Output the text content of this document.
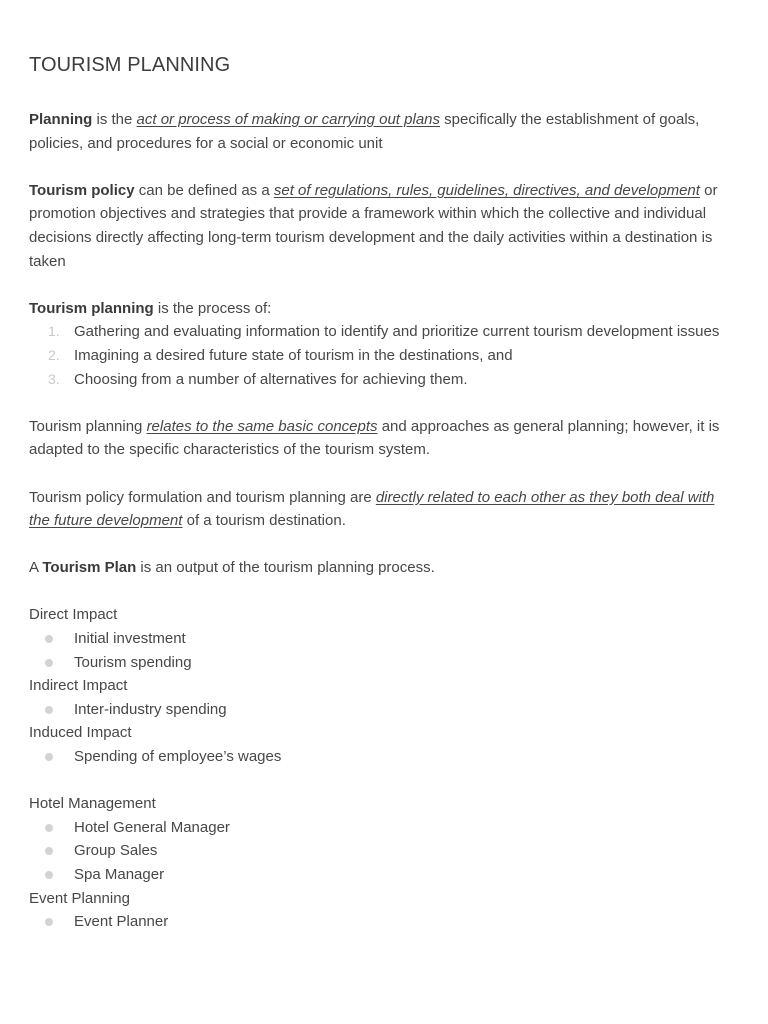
TOURISM PLANNING

Planning is the act or process of making or carrying out plans specifically the establishment of goals, policies, and procedures for a social or economic unit

Tourism policy can be defined as a set of regulations, rules, guidelines, directives, and development or promotion objectives and strategies that provide a framework within which the collective and individual decisions directly affecting long-term tourism development and the daily activities within a destination is taken

Tourism planning is the process of:
1. Gathering and evaluating information to identify and prioritize current tourism development issues
2. Imagining a desired future state of tourism in the destinations, and
3. Choosing from a number of alternatives for achieving them.

Tourism planning relates to the same basic concepts and approaches as general planning; however, it is adapted to the specific characteristics of the tourism system.

Tourism policy formulation and tourism planning are directly related to each other as they both deal with the future development of a tourism destination.

A Tourism Plan is an output of the tourism planning process.

Direct Impact
Initial investment
Tourism spending
Indirect Impact
Inter-industry spending
Induced Impact
Spending of employee’s wages
Hotel Management
Hotel General Manager
Group Sales
Spa Manager
Event Planning
Event Planner
